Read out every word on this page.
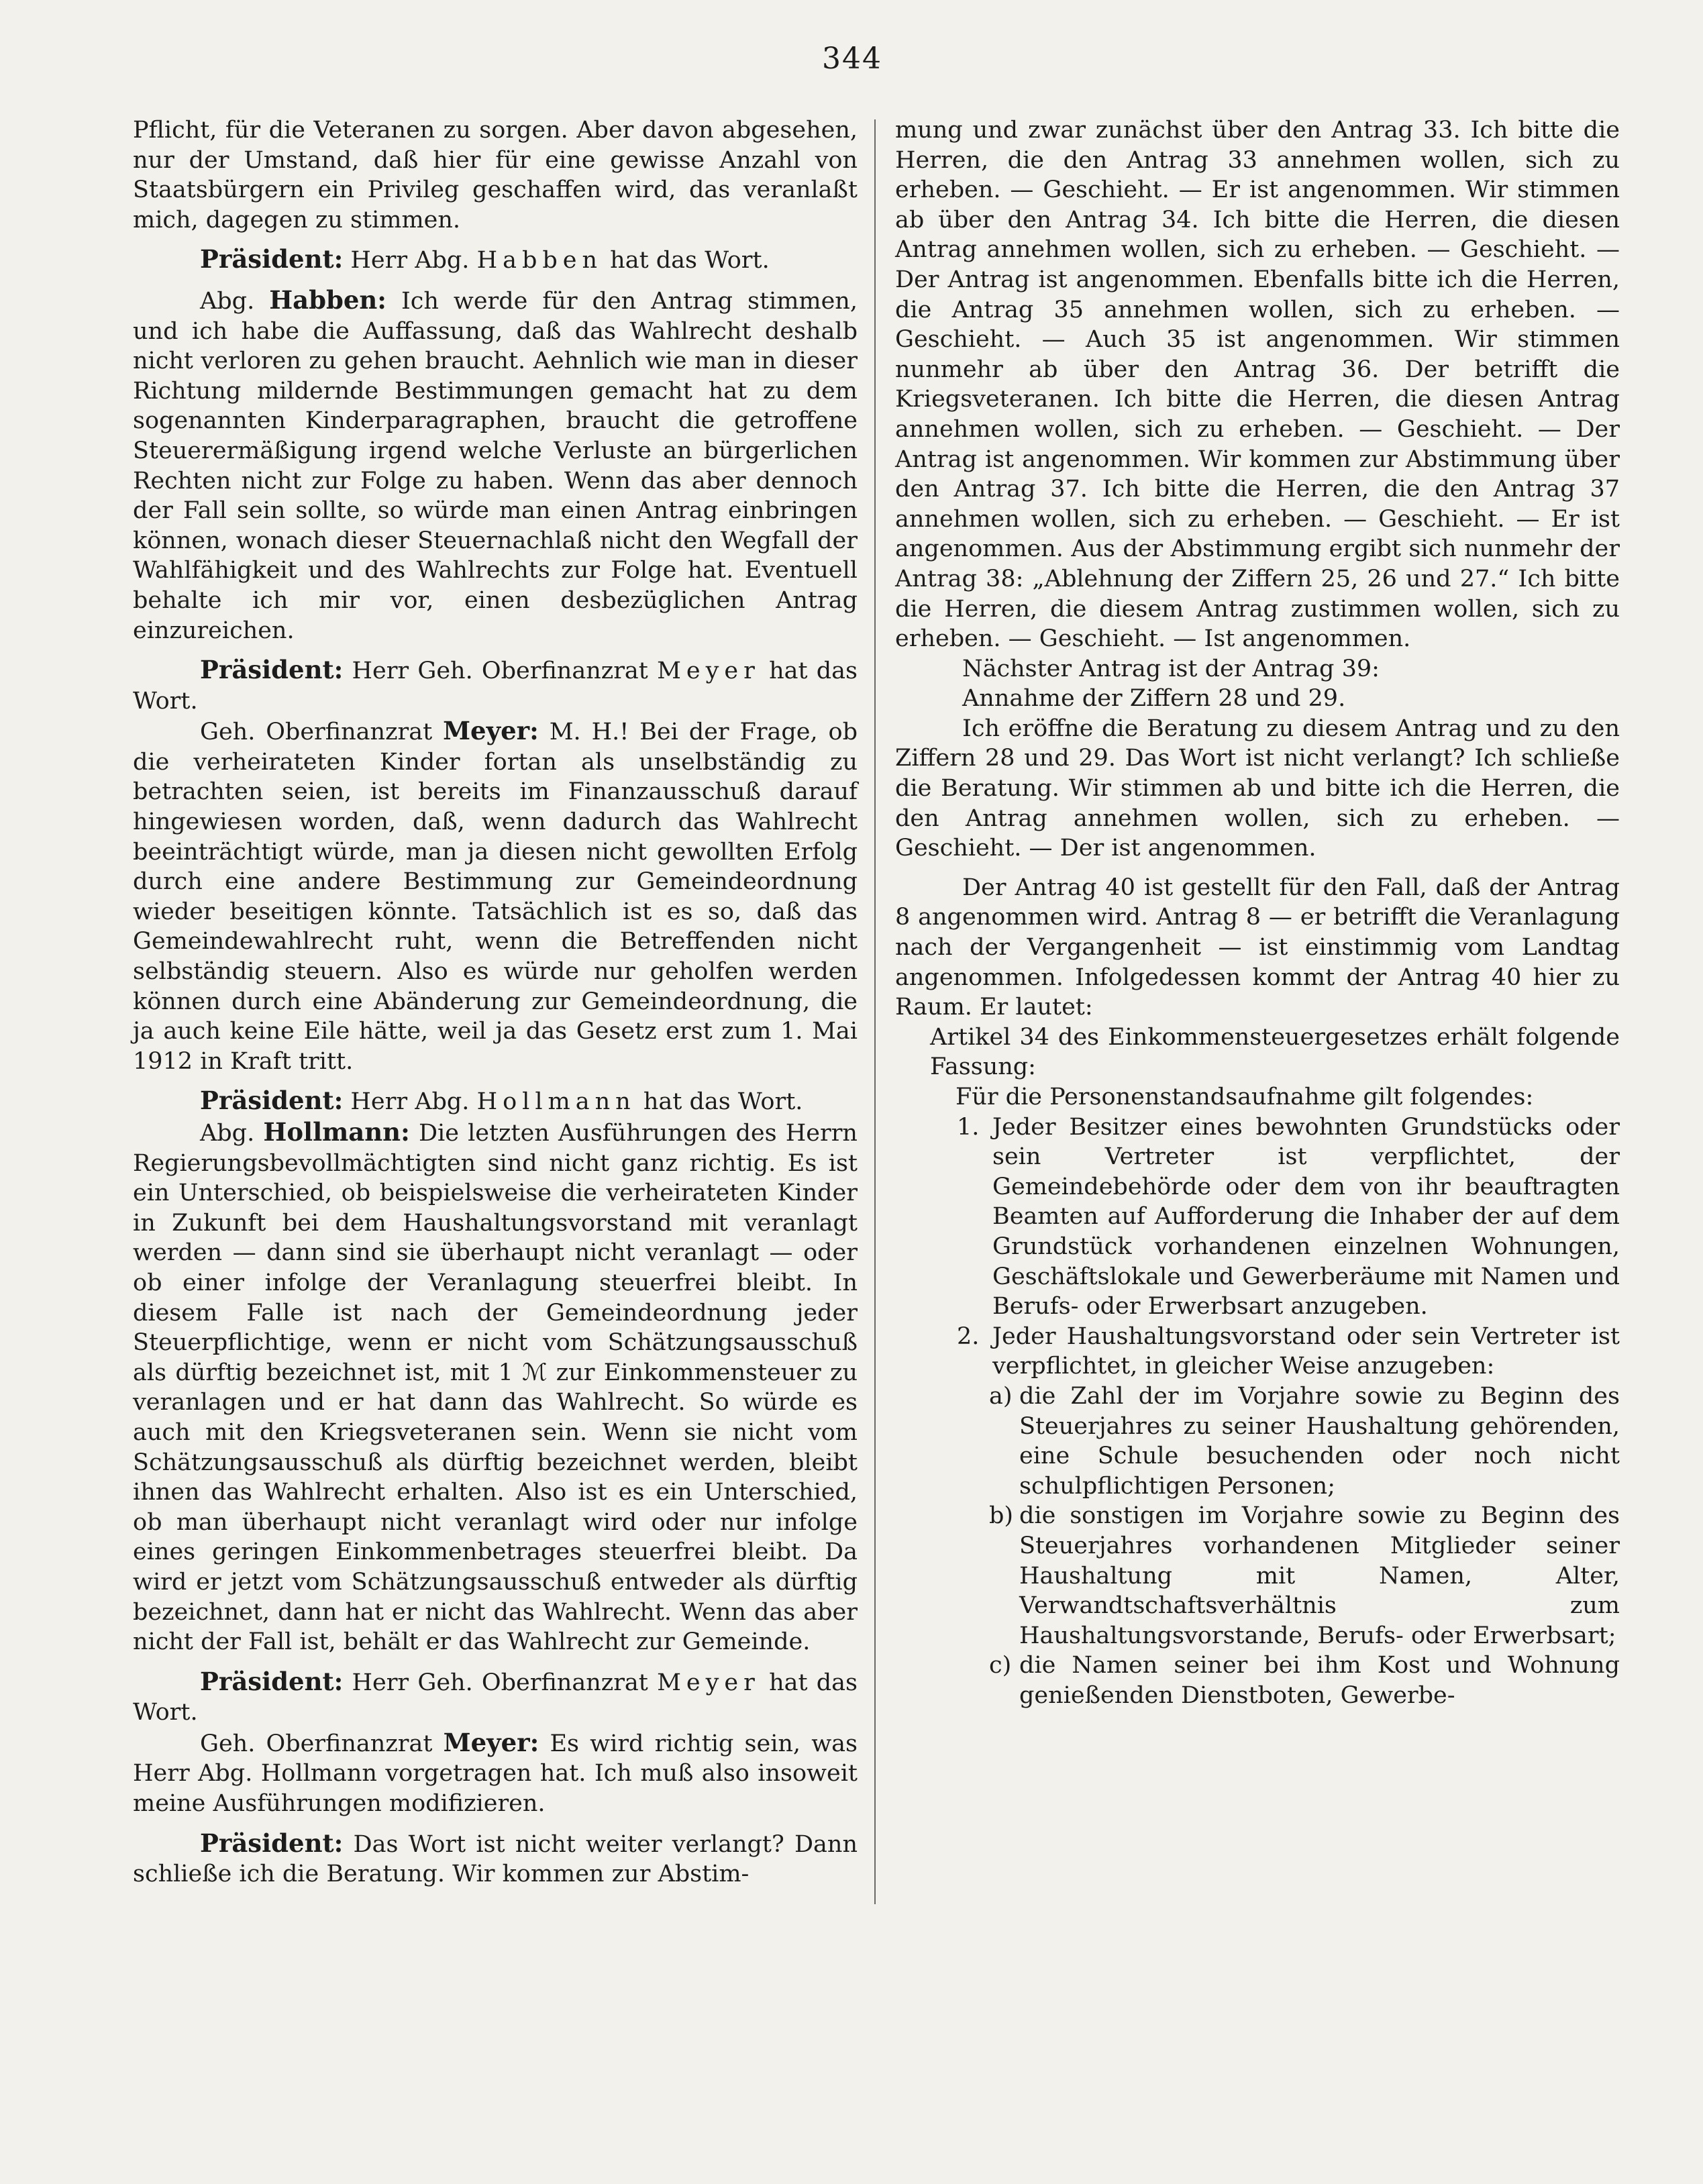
344

Pflicht, für die Veteranen zu sorgen. Aber davon abgesehen, nur der Umstand, daß hier für eine gewisse Anzahl von Staatsbürgern ein Privileg geschaffen wird, das veranlaßt mich, dagegen zu stimmen.

Präsident: Herr Abg. Habben hat das Wort.

Abg. Habben: Ich werde für den Antrag stimmen, und ich habe die Auffassung, daß das Wahlrecht deshalb nicht verloren zu gehen braucht. Aehnlich wie man in dieser Richtung mildernde Bestimmungen gemacht hat zu dem sogenannten Kinderparagraphen, braucht die getroffene Steuerermäßigung irgend welche Verluste an bürgerlichen Rechten nicht zur Folge zu haben. Wenn das aber dennoch der Fall sein sollte, so würde man einen Antrag einbringen können, wonach dieser Steuernachlaß nicht den Wegfall der Wahlfähigkeit und des Wahlrechts zur Folge hat. Eventuell behalte ich mir vor, einen desbezüglichen Antrag einzureichen.

Präsident: Herr Geh. Oberfinanzrat Meyer hat das Wort.

Geh. Oberfinanzrat Meyer: M. H.! Bei der Frage, ob die verheirateten Kinder fortan als unselbständig zu betrachten seien, ist bereits im Finanzausschuß darauf hingewiesen worden, daß, wenn dadurch das Wahlrecht beeinträchtigt würde, man ja diesen nicht gewollten Erfolg durch eine andere Bestimmung zur Gemeindeordnung wieder beseitigen könnte. Tatsächlich ist es so, daß das Gemeindewahlrecht ruht, wenn die Betreffenden nicht selbständig steuern. Also es würde nur geholfen werden können durch eine Abänderung zur Gemeindeordnung, die ja auch keine Eile hätte, weil ja das Gesetz erst zum 1. Mai 1912 in Kraft tritt.

Präsident: Herr Abg. Hollmann hat das Wort.

Abg. Hollmann: Die letzten Ausführungen des Herrn Regierungsbevollmächtigten sind nicht ganz richtig. Es ist ein Unterschied, ob beispielsweise die verheirateten Kinder in Zukunft bei dem Haushaltungsvorstand mit veranlagt werden — dann sind sie überhaupt nicht veranlagt — oder ob einer infolge der Veranlagung steuerfrei bleibt. In diesem Falle ist nach der Gemeindeordnung jeder Steuerpflichtige, wenn er nicht vom Schätzungsausschuß als dürftig bezeichnet ist, mit 1 ℳ zur Einkommensteuer zu veranlagen und er hat dann das Wahlrecht. So würde es auch mit den Kriegsveteranen sein. Wenn sie nicht vom Schätzungsausschuß als dürftig bezeichnet werden, bleibt ihnen das Wahlrecht erhalten. Also ist es ein Unterschied, ob man überhaupt nicht veranlagt wird oder nur infolge eines geringen Einkommenbetrages steuerfrei bleibt. Da wird er jetzt vom Schätzungsausschuß entweder als dürftig bezeichnet, dann hat er nicht das Wahlrecht. Wenn das aber nicht der Fall ist, behält er das Wahlrecht zur Gemeinde.

Präsident: Herr Geh. Oberfinanzrat Meyer hat das Wort.

Geh. Oberfinanzrat Meyer: Es wird richtig sein, was Herr Abg. Hollmann vorgetragen hat. Ich muß also insoweit meine Ausführungen modifizieren.

Präsident: Das Wort ist nicht weiter verlangt? Dann schließe ich die Beratung. Wir kommen zur Abstim-

mung und zwar zunächst über den Antrag 33. Ich bitte die Herren, die den Antrag 33 annehmen wollen, sich zu erheben. — Geschieht. — Er ist angenommen. Wir stimmen ab über den Antrag 34. Ich bitte die Herren, die diesen Antrag annehmen wollen, sich zu erheben. — Geschieht. — Der Antrag ist angenommen. Ebenfalls bitte ich die Herren, die Antrag 35 annehmen wollen, sich zu erheben. — Geschieht. — Auch 35 ist angenommen. Wir stimmen nunmehr ab über den Antrag 36. Der betrifft die Kriegsveteranen. Ich bitte die Herren, die diesen Antrag annehmen wollen, sich zu erheben. — Geschieht. — Der Antrag ist angenommen. Wir kommen zur Abstimmung über den Antrag 37. Ich bitte die Herren, die den Antrag 37 annehmen wollen, sich zu erheben. — Geschieht. — Er ist angenommen. Aus der Abstimmung ergibt sich nunmehr der Antrag 38: „Ablehnung der Ziffern 25, 26 und 27.“ Ich bitte die Herren, die diesem Antrag zustimmen wollen, sich zu erheben. — Geschieht. — Ist angenommen.

Nächster Antrag ist der Antrag 39:

Annahme der Ziffern 28 und 29.

Ich eröffne die Beratung zu diesem Antrag und zu den Ziffern 28 und 29. Das Wort ist nicht verlangt? Ich schließe die Beratung. Wir stimmen ab und bitte ich die Herren, die den Antrag annehmen wollen, sich zu erheben. — Geschieht. — Der ist angenommen.

Der Antrag 40 ist gestellt für den Fall, daß der Antrag 8 angenommen wird. Antrag 8 — er betrifft die Veranlagung nach der Vergangenheit — ist einstimmig vom Landtag angenommen. Infolgedessen kommt der Antrag 40 hier zu Raum. Er lautet:

Artikel 34 des Einkommensteuergesetzes erhält folgende Fassung:

Für die Personenstandsaufnahme gilt folgendes:

1. Jeder Besitzer eines bewohnten Grundstücks oder sein Vertreter ist verpflichtet, der Gemeindebehörde oder dem von ihr beauftragten Beamten auf Aufforderung die Inhaber der auf dem Grundstück vorhandenen einzelnen Wohnungen, Geschäftslokale und Gewerberäume mit Namen und Berufs- oder Erwerbsart anzugeben.

2. Jeder Haushaltungsvorstand oder sein Vertreter ist verpflichtet, in gleicher Weise anzugeben:

a) die Zahl der im Vorjahre sowie zu Beginn des Steuerjahres zu seiner Haushaltung gehörenden, eine Schule besuchenden oder noch nicht schulpflichtigen Personen;

b) die sonstigen im Vorjahre sowie zu Beginn des Steuerjahres vorhandenen Mitglieder seiner Haushaltung mit Namen, Alter, Verwandtschaftsverhältnis zum Haushaltungsvorstande, Berufs- oder Erwerbsart;

c) die Namen seiner bei ihm Kost und Wohnung genießenden Dienstboten, Gewerbe-
